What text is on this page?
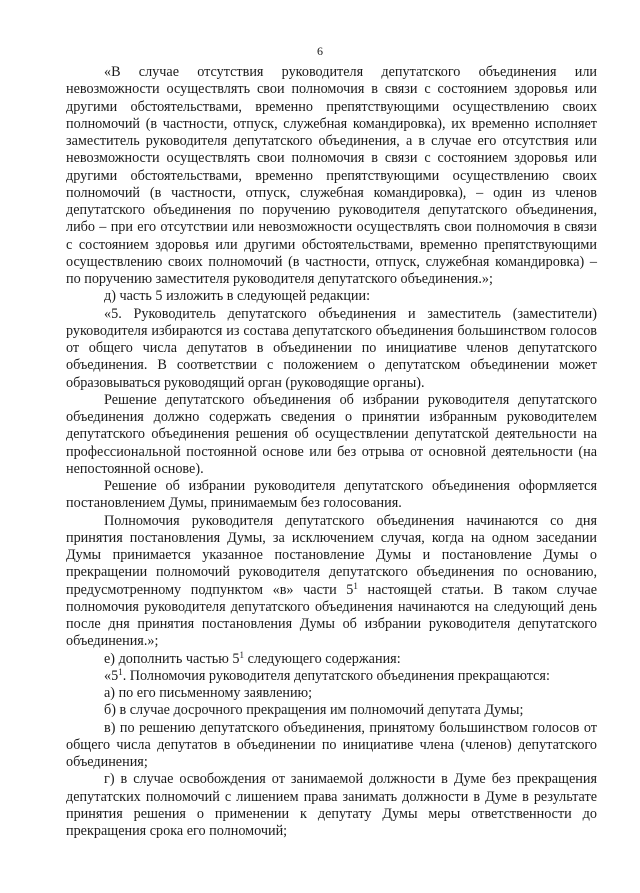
6

«В случае отсутствия руководителя депутатского объединения или невозможности осуществлять свои полномочия в связи с состоянием здоровья или другими обстоятельствами, временно препятствующими осуществлению своих полномочий (в частности, отпуск, служебная командировка), их временно исполняет заместитель руководителя депутатского объединения, а в случае его отсутствия или невозможности осуществлять свои полномочия в связи с состоянием здоровья или другими обстоятельствами, временно препятствующими осуществлению своих полномочий (в частности, отпуск, служебная командировка), – один из членов депутатского объединения по поручению руководителя депутатского объединения, либо – при его отсутствии или невозможности осуществлять свои полномочия в связи с состоянием здоровья или другими обстоятельствами, временно препятствующими осуществлению своих полномочий (в частности, отпуск, служебная командировка) – по поручению заместителя руководителя депутатского объединения.»;

д) часть 5 изложить в следующей редакции:

«5. Руководитель депутатского объединения и заместитель (заместители) руководителя избираются из состава депутатского объединения большинством голосов от общего числа депутатов в объединении по инициативе членов депутатского объединения. В соответствии с положением о депутатском объединении может образовываться руководящий орган (руководящие органы).

Решение депутатского объединения об избрании руководителя депутатского объединения должно содержать сведения о принятии избранным руководителем депутатского объединения решения об осуществлении депутатской деятельности на профессиональной постоянной основе или без отрыва от основной деятельности (на непостоянной основе).

Решение об избрании руководителя депутатского объединения оформляется постановлением Думы, принимаемым без голосования.

Полномочия руководителя депутатского объединения начинаются со дня принятия постановления Думы, за исключением случая, когда на одном заседании Думы принимается указанное постановление Думы и постановление Думы о прекращении полномочий руководителя депутатского объединения по основанию, предусмотренному подпунктом «в» части $5^1$ настоящей статьи. В таком случае полномочия руководителя депутатского объединения начинаются на следующий день после дня принятия постановления Думы об избрании руководителя депутатского объединения.»;

е) дополнить частью $5^1$ следующего содержания:

«$5^1$. Полномочия руководителя депутатского объединения прекращаются:

а) по его письменному заявлению;

б) в случае досрочного прекращения им полномочий депутата Думы;

в) по решению депутатского объединения, принятому большинством голосов от общего числа депутатов в объединении по инициативе члена (членов) депутатского объединения;

г) в случае освобождения от занимаемой должности в Думе без прекращения депутатских полномочий с лишением права занимать должности в Думе в результате принятия решения о применении к депутату Думы меры ответственности до прекращения срока его полномочий;
